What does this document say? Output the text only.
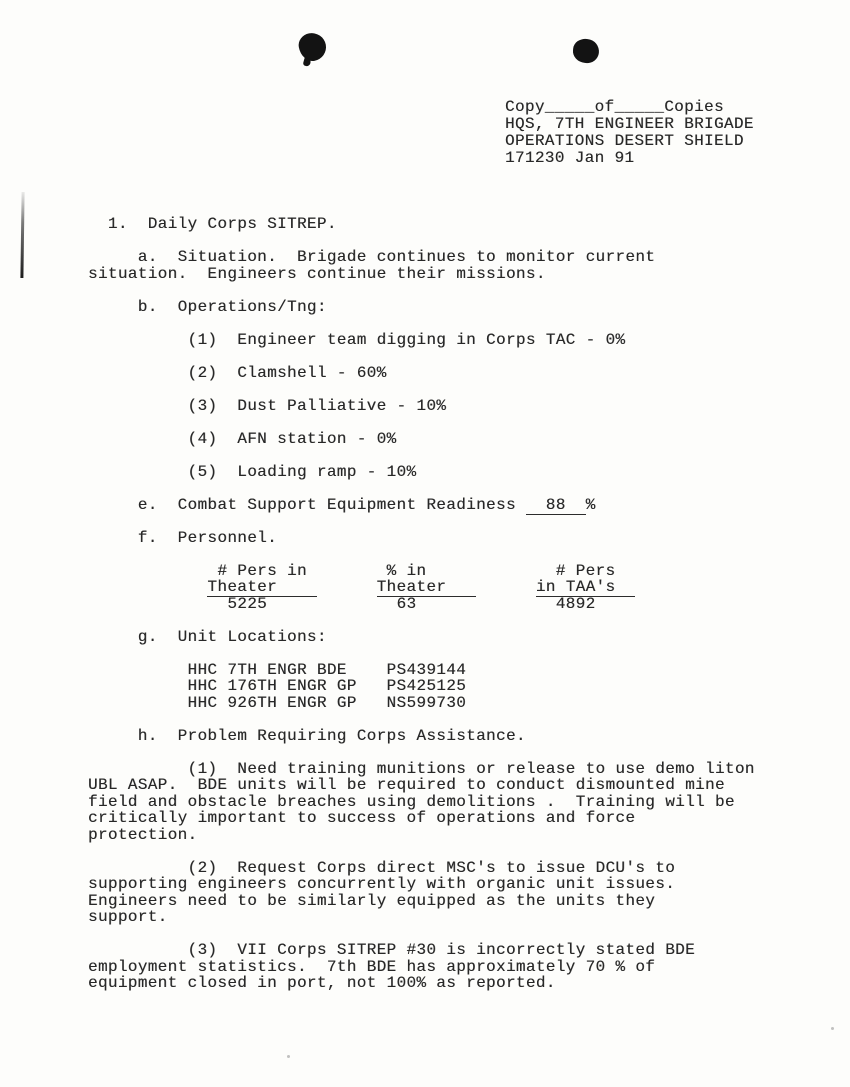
Copy_____of_____Copies
HQS, 7TH ENGINEER BRIGADE
OPERATIONS DESERT SHIELD
171230 Jan 91
1.  Daily Corps SITREP.
a.  Situation.  Brigade continues to monitor current
situation.  Engineers continue their missions.
b.  Operations/Tng:
(1)  Engineer team digging in Corps TAC - 0%
(2)  Clamshell - 60%
(3)  Dust Palliative - 10%
(4)  AFN station - 0%
(5)  Loading ramp - 10%
e.  Combat Support Equipment Readiness   88  %
f.  Personnel.
# Pers in        % in             # Pers
Theater	Theater	in TAA's
5225             63              4892
g.  Unit Locations:
HHC 7TH ENGR BDE    PS439144
HHC 176TH ENGR GP   PS425125
HHC 926TH ENGR GP   NS599730
h.  Problem Requiring Corps Assistance.
(1)  Need training munitions or release to use demo liton
UBL ASAP.  BDE units will be required to conduct dismounted mine
field and obstacle breaches using demolitions .  Training will be
critically important to success of operations and force
protection.
(2)  Request Corps direct MSC's to issue DCU's to
supporting engineers concurrently with organic unit issues.
Engineers need to be similarly equipped as the units they
support.
(3)  VII Corps SITREP #30 is incorrectly stated BDE
employment statistics.  7th BDE has approximately 70 % of
equipment closed in port, not 100% as reported.
